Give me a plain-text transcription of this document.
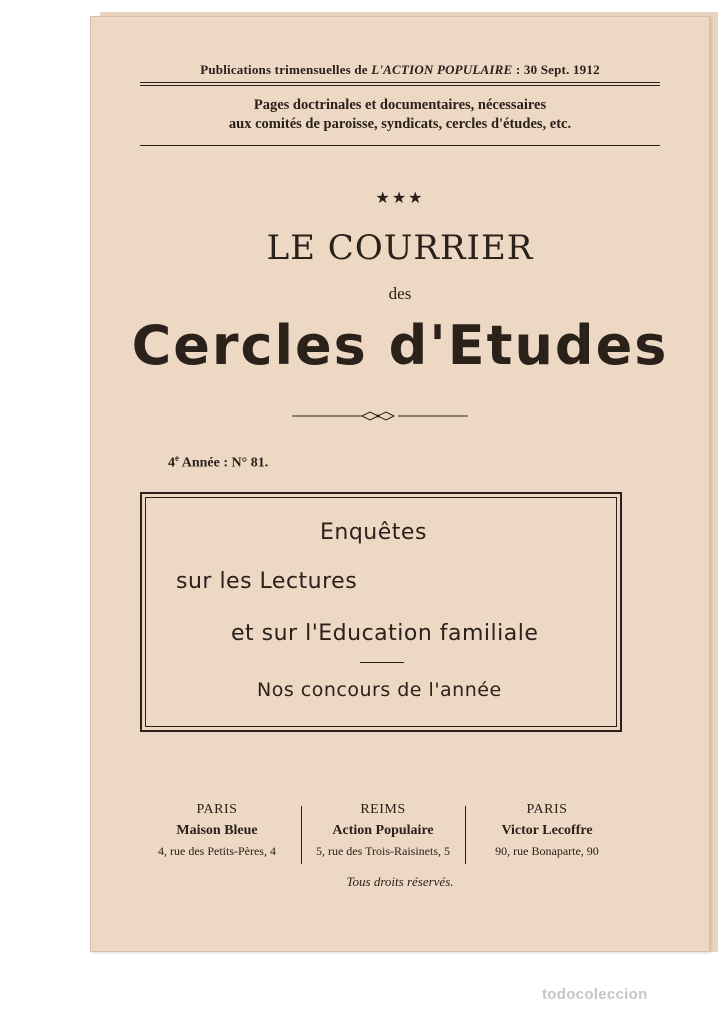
Publications trimensuelles de L'ACTION POPULAIRE : 30 Sept. 1912
Pages doctrinales et documentaires, nécessaires
aux comités de paroisse, syndicats, cercles d'études, etc.
★★★
LE COURRIER
des
Cercles d'Etudes
4e Année : N° 81.
Enquêtes
sur les Lectures
et sur l'Education familiale
Nos concours de l'année
PARIS
Maison Bleue
4, rue des Petits-Pères, 4
REIMS
Action Populaire
5, rue des Trois-Raisinets, 5
PARIS
Victor Lecoffre
90, rue Bonaparte, 90
Tous droits réservés.
todocoleccion
